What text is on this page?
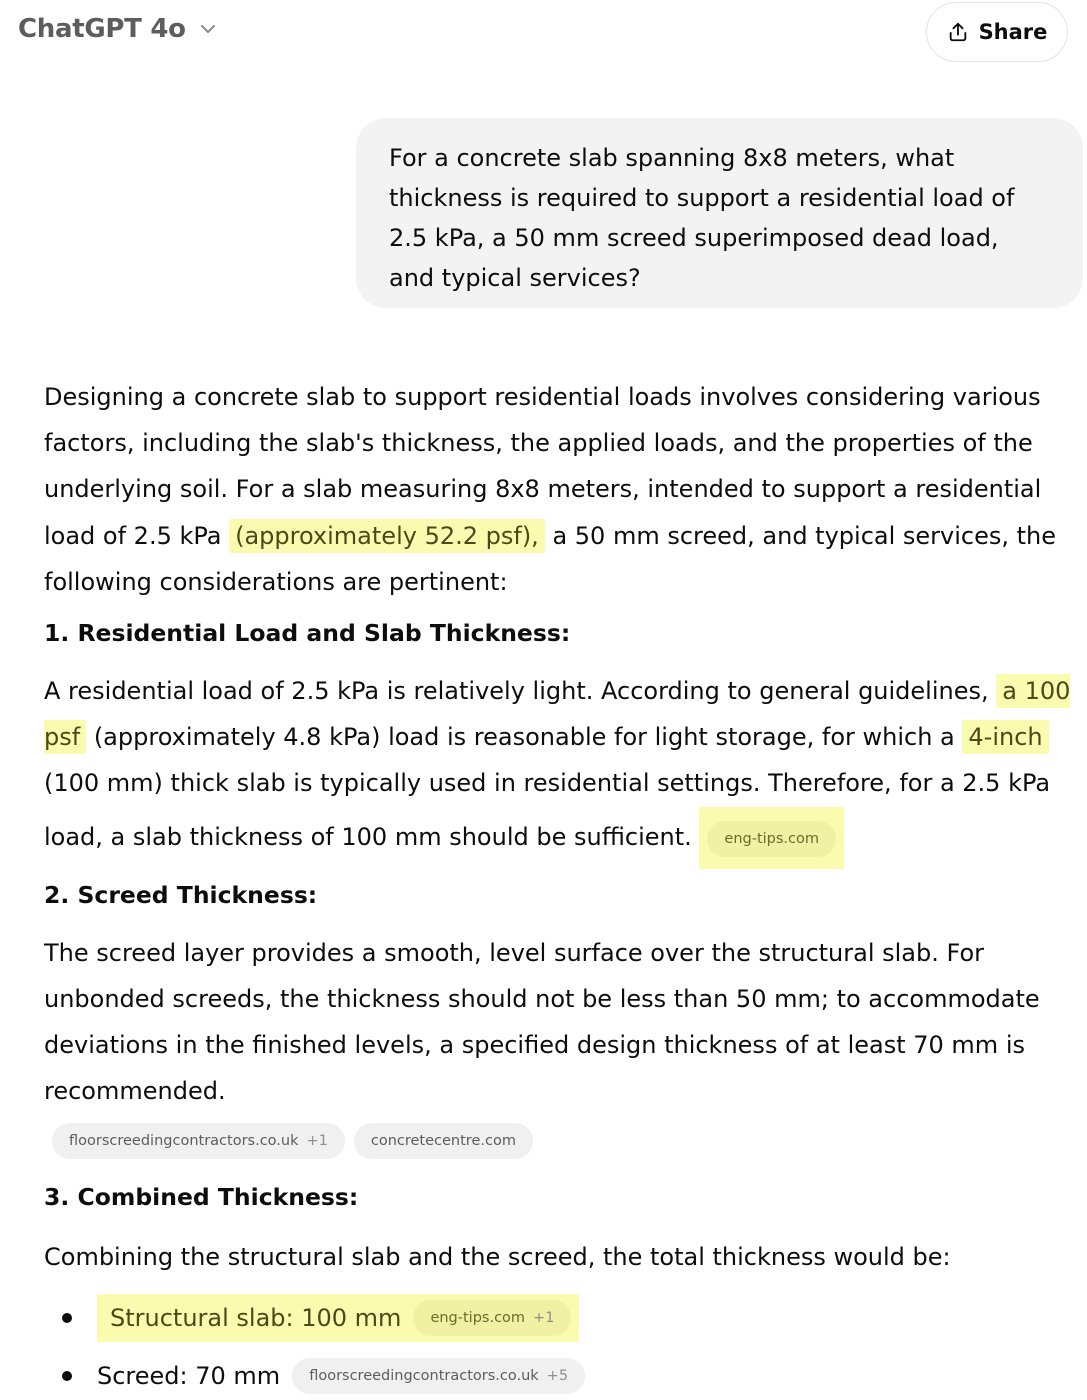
ChatGPT 4o	Share
For a concrete slab spanning 8x8 meters, what thickness is required to support a residential load of 2.5 kPa, a 50 mm screed superimposed dead load, and typical services?

Designing a concrete slab to support residential loads involves considering various factors, including the slab's thickness, the applied loads, and the properties of the underlying soil. For a slab measuring 8x8 meters, intended to support a residential load of 2.5 kPa (approximately 52.2 psf), a 50 mm screed, and typical services, the following considerations are pertinent:

1. Residential Load and Slab Thickness:

A residential load of 2.5 kPa is relatively light. According to general guidelines, a 100 psf (approximately 4.8 kPa) load is reasonable for light storage, for which a 4-inch (100 mm) thick slab is typically used in residential settings. Therefore, for a 2.5 kPa load, a slab thickness of 100 mm should be sufficient. eng-tips.com

2. Screed Thickness:

The screed layer provides a smooth, level surface over the structural slab. For unbonded screeds, the thickness should not be less than 50 mm; to accommodate deviations in the finished levels, a specified design thickness of at least 70 mm is recommended.

floorscreedingcontractors.co.uk +1	concretecentre.com
3. Combined Thickness:

Combining the structural slab and the screed, the total thickness would be:

Structural slab: 100 mm	eng-tips.com +1
Screed: 70 mm	floorscreedingcontractors.co.uk +5
